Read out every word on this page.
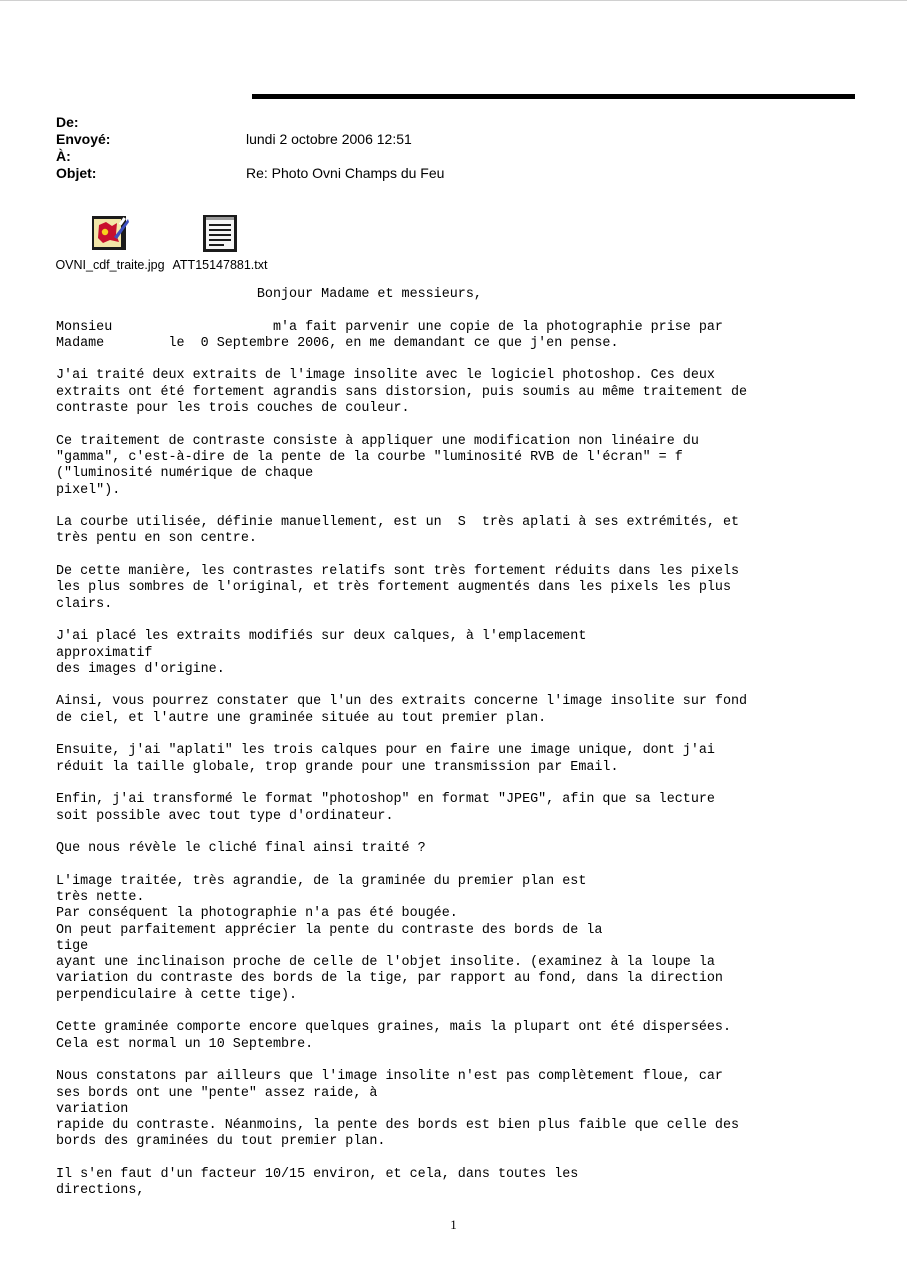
De:
Envoyé:	lundi 2 octobre 2006 12:51
À:
Objet:	Re: Photo Ovni Champs du Feu
OVNI_cdf_traite.jpg ATT15147881.txt
Bonjour Madame et messieurs,

Monsieu                    m'a fait parvenir une copie de la photographie prise par
Madame        le  0 Septembre 2006, en me demandant ce que j'en pense.

J'ai traité deux extraits de l'image insolite avec le logiciel photoshop. Ces deux
extraits ont été fortement agrandis sans distorsion, puis soumis au même traitement de
contraste pour les trois couches de couleur.

Ce traitement de contraste consiste à appliquer une modification non linéaire du
"gamma", c'est-à-dire de la pente de la courbe "luminosité RVB de l'écran" = f
("luminosité numérique de chaque
pixel").

La courbe utilisée, définie manuellement, est un  S  très aplati à ses extrémités, et
très pentu en son centre.

De cette manière, les contrastes relatifs sont très fortement réduits dans les pixels
les plus sombres de l'original, et très fortement augmentés dans les pixels les plus
clairs.

J'ai placé les extraits modifiés sur deux calques, à l'emplacement
approximatif
des images d'origine.

Ainsi, vous pourrez constater que l'un des extraits concerne l'image insolite sur fond
de ciel, et l'autre une graminée située au tout premier plan.

Ensuite, j'ai "aplati" les trois calques pour en faire une image unique, dont j'ai
réduit la taille globale, trop grande pour une transmission par Email.

Enfin, j'ai transformé le format "photoshop" en format "JPEG", afin que sa lecture
soit possible avec tout type d'ordinateur.

Que nous révèle le cliché final ainsi traité ?

L'image traitée, très agrandie, de la graminée du premier plan est
très nette.
Par conséquent la photographie n'a pas été bougée.
On peut parfaitement apprécier la pente du contraste des bords de la
tige
ayant une inclinaison proche de celle de l'objet insolite. (examinez à la loupe la
variation du contraste des bords de la tige, par rapport au fond, dans la direction
perpendiculaire à cette tige).

Cette graminée comporte encore quelques graines, mais la plupart ont été dispersées.
Cela est normal un 10 Septembre.

Nous constatons par ailleurs que l'image insolite n'est pas complètement floue, car
ses bords ont une "pente" assez raide, à
variation
rapide du contraste. Néanmoins, la pente des bords est bien plus faible que celle des
bords des graminées du tout premier plan.

Il s'en faut d'un facteur 10/15 environ, et cela, dans toutes les
directions,
1
